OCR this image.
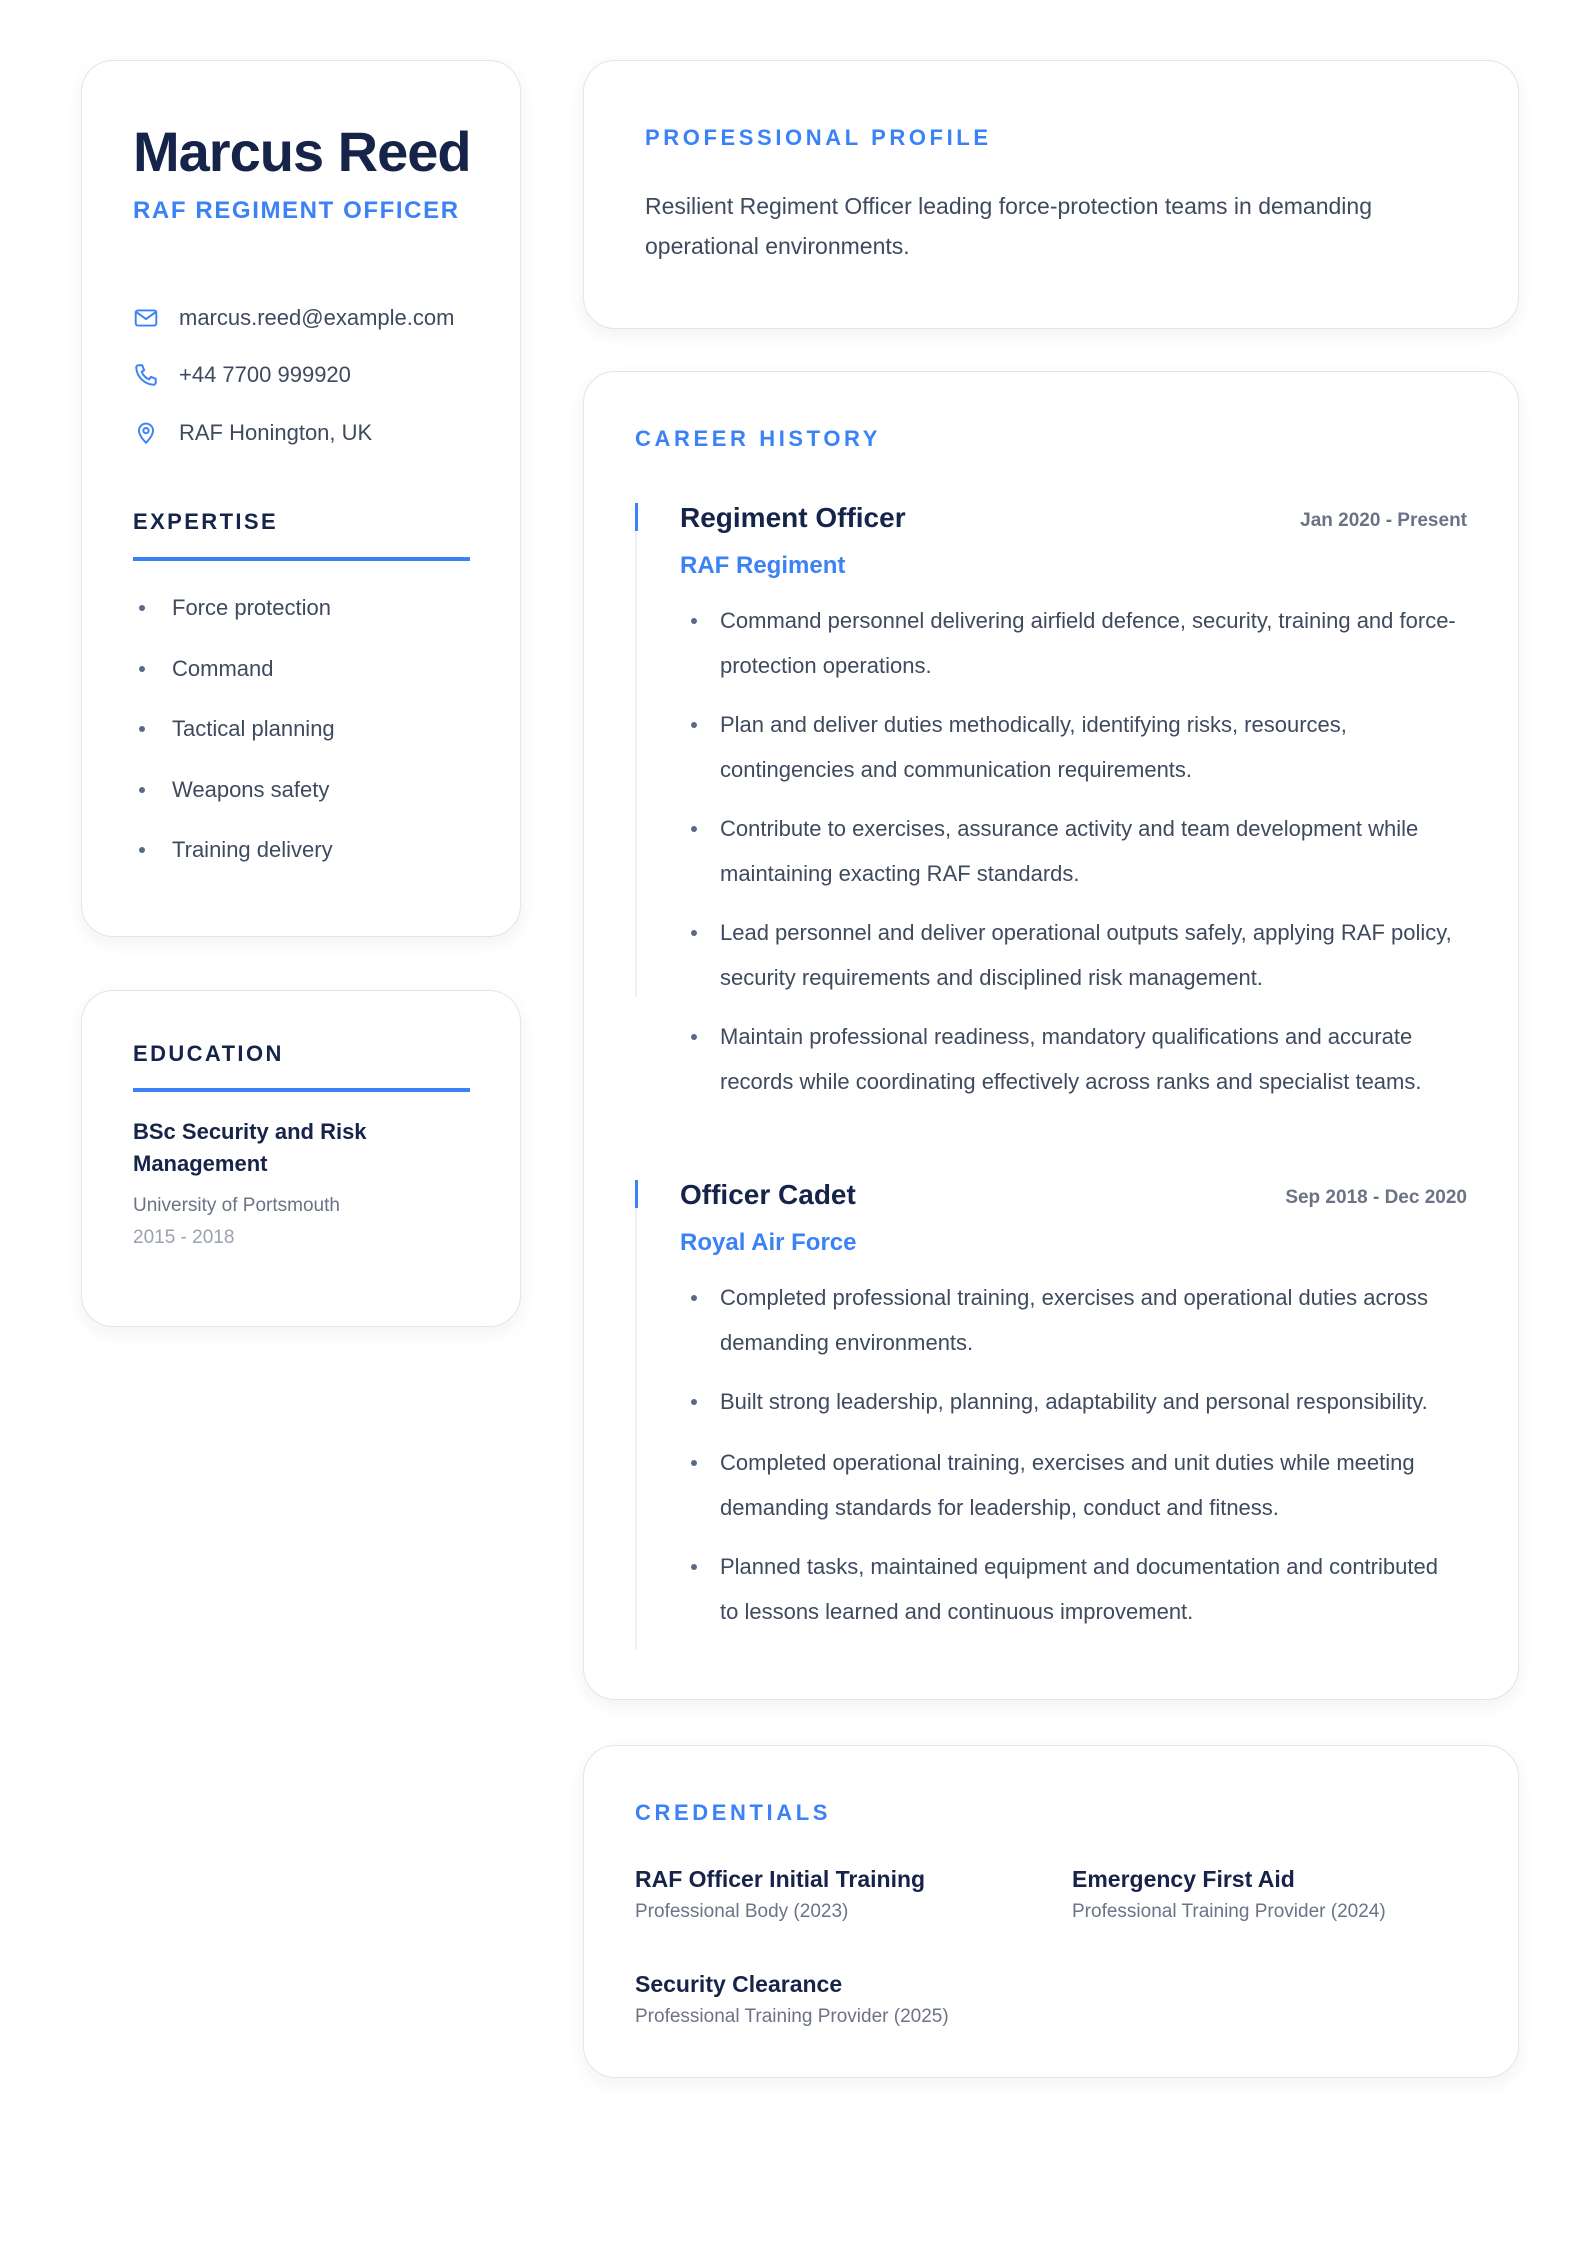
Marcus Reed
RAF REGIMENT OFFICER
marcus.reed@example.com
+44 7700 999920
RAF Honington, UK
EXPERTISE
Force protection
Command
Tactical planning
Weapons safety
Training delivery
EDUCATION
BSc Security and Risk Management
University of Portsmouth
2015 - 2018
PROFESSIONAL PROFILE
Resilient Regiment Officer leading force-protection teams in demanding operational environments.
CAREER HISTORY
Regiment Officer	Jan 2020 - Present
RAF Regiment
Command personnel delivering airfield defence, security, training and force-protection operations.
Plan and deliver duties methodically, identifying risks, resources, contingencies and communication requirements.
Contribute to exercises, assurance activity and team development while maintaining exacting RAF standards.
Lead personnel and deliver operational outputs safely, applying RAF policy, security requirements and disciplined risk management.
Maintain professional readiness, mandatory qualifications and accurate records while coordinating effectively across ranks and specialist teams.
Officer Cadet	Sep 2018 - Dec 2020
Royal Air Force
Completed professional training, exercises and operational duties across demanding environments.
Built strong leadership, planning, adaptability and personal responsibility.
Completed operational training, exercises and unit duties while meeting demanding standards for leadership, conduct and fitness.
Planned tasks, maintained equipment and documentation and contributed to lessons learned and continuous improvement.
CREDENTIALS
RAF Officer Initial Training
Professional Body (2023)
Emergency First Aid
Professional Training Provider (2024)
Security Clearance
Professional Training Provider (2025)
